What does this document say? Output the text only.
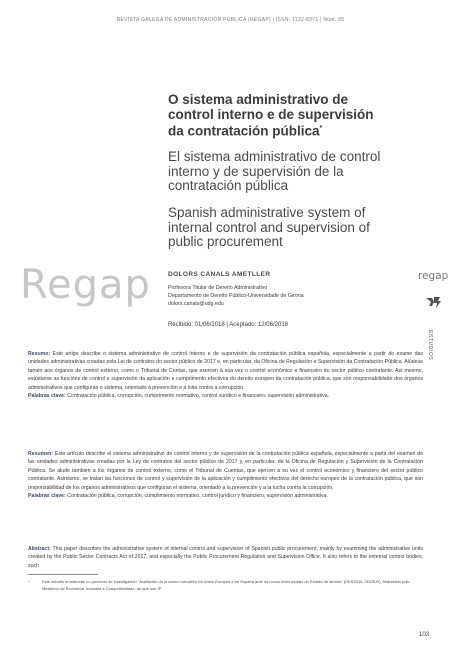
REVISTA GALEGA DE ADMINISTRACIÓN PÚBLICA (REGAP) | ISSN: 1132-8371 | Núm. 55
O sistema administrativo de control interno e de supervisión da contratación pública*
El sistema administrativo de control interno y de supervisión de la contratación pública
Spanish administrative system of internal control and supervision of public procurement
Regap	DOLORS CANALS AMETLLER
Profesora Titular de Dereito Administrativo
Departamento de Dereito Público-Universidade de Girona
dolors.canals@udg.edu
Recibido: 01/06/2018 | Aceptado: 12/06/2018
regap
ESTUDIOS
Resumo: Este artigo describe o sistema administrativo de control interno e de supervisión da contratación pública española, especialmente a partir do exame das unidades administrativas creadas pola Lei de contratos do sector público de 2017 e, en particular, da Oficina de Regulación e Supervisión da Contratación Pública. Alúdese tamén aos órganos de control externo, como o Tribunal de Contas, que exercen á súa vez o control económico e financeiro do sector público contratante. Así mesmo, estúdanse as funcións de control e supervisión da aplicación e cumprimento efectivos do dereito europeo da contratación pública, que son responsabilidade dos órganos administrativos que configuran o sistema, orientado á prevención e á loita contra a corrupción.
Palabras clave: Contratación pública, corrupción, cumprimento normativo, control xurídico e financeiro, supervisión administrativa.
Resumen: Este artículo describe el sistema administrativo de control interno y de supervisión de la contratación pública española, especialmente a partir del examen de las unidades administrativas creadas por la Ley de contratos del sector público de 2017 y, en particular, de la Oficina de Regulación y Supervisión de la Contratación Pública. Se alude también a los órganos de control externo, como el Tribunal de Cuentas, que ejercen a su vez el control económico y financiero del sector público contratante. Asimismo, se tratan las funciones de control y supervisión de la aplicación y cumplimiento efectivos del derecho europeo de la contratación pública, que son responsabilidad de los órganos administrativos que configuran el sistema, orientado a la prevención y a la lucha contra la corrupción.
Palabras clave: Contratación pública, corrupción, cumplimiento normativo, control jurídico y financiero, supervisión administrativa.
Abstract: This paper describes the administrative system of internal control and supervision of Spanish public procurement, mainly by examining the administrative units created by the Public Sector Contracts Act of 2017, and especially the Public Procurement Regulation and Supervision Office. It also refers to the external control bodies, such
*	Este estudio enmárcase no proxecto de investigación "Avaliación do proceso normativo na Unión Europea e en España ante os novos retos sociais do Estado de dereito" (DER2016-76325-R), financiado polo Ministerio de Economía, Industria e Competitividade, do que son IP.
103
